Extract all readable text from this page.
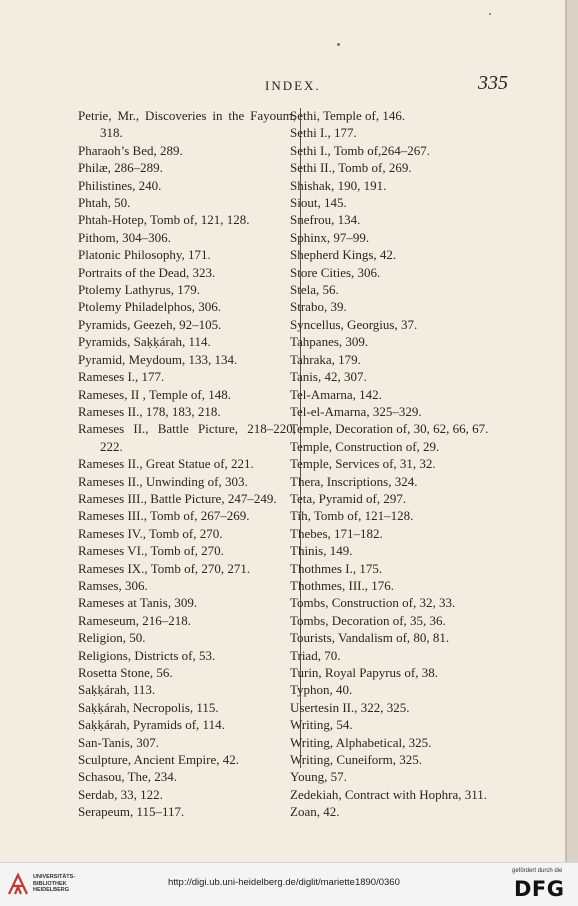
INDEX.	335
Petrie, Mr., Discoveries in the Fayoum, 318.
Pharaoh’s Bed, 289.
Philæ, 286–289.
Philistines, 240.
Phtah, 50.
Phtah-Hotep, Tomb of, 121, 128.
Pithom, 304–306.
Platonic Philosophy, 171.
Portraits of the Dead, 323.
Ptolemy Lathyrus, 179.
Ptolemy Philadelphos, 306.
Pyramids, Geezeh, 92–105.
Pyramids, Saḳḳárah, 114.
Pyramid, Meydoum, 133, 134.
Rameses I., 177.
Rameses, II , Temple of, 148.
Rameses II., 178, 183, 218.
Rameses II., Battle Picture, 218–220, 222.
Rameses II., Great Statue of, 221.
Rameses II., Unwinding of, 303.
Rameses III., Battle Picture, 247–249.
Rameses III., Tomb of, 267–269.
Rameses IV., Tomb of, 270.
Rameses VI., Tomb of, 270.
Rameses IX., Tomb of, 270, 271.
Ramses, 306.
Rameses at Tanis, 309.
Rameseum, 216–218.
Religion, 50.
Religions, Districts of, 53.
Rosetta Stone, 56.
Saḳḳárah, 113.
Saḳḳárah, Necropolis, 115.
Saḳḳárah, Pyramids of, 114.
San-Tanis, 307.
Sculpture, Ancient Empire, 42.
Schasou, The, 234.
Serdab, 33, 122.
Serapeum, 115–117.
Sethi, Temple of, 146.
Sethi I., 177.
Sethi I., Tomb of,264–267.
Sethi II., Tomb of, 269.
Shishak, 190, 191.
Siout, 145.
Snefrou, 134.
Sphinx, 97–99.
Shepherd Kings, 42.
Store Cities, 306.
Stela, 56.
Strabo, 39.
Syncellus, Georgius, 37.
Tahpanes, 309.
Tahraka, 179.
Tanis, 42, 307.
Tel-Amarna, 142.
Tel-el-Amarna, 325–329.
Temple, Decoration of, 30, 62, 66, 67.
Temple, Construction of, 29.
Temple, Services of, 31, 32.
Thera, Inscriptions, 324.
Teta, Pyramid of, 297.
Tih, Tomb of, 121–128.
Thebes, 171–182.
Thinis, 149.
Thothmes I., 175.
Thothmes, III., 176.
Tombs, Construction of, 32, 33.
Tombs, Decoration of, 35, 36.
Tourists, Vandalism of, 80, 81.
Triad, 70.
Turin, Royal Papyrus of, 38.
Typhon, 40.
Usertesin II., 322, 325.
Writing, 54.
Writing, Alphabetical, 325.
Writing, Cuneiform, 325.
Young, 57.
Zedekiah, Contract with Hophra, 311.
Zoan, 42.
UNIVERSITÄTS-
BIBLIOTHEK
HEIDELBERG
http://digi.ub.uni-heidelberg.de/diglit/mariette1890/0360
gefördert durch die
DFG
